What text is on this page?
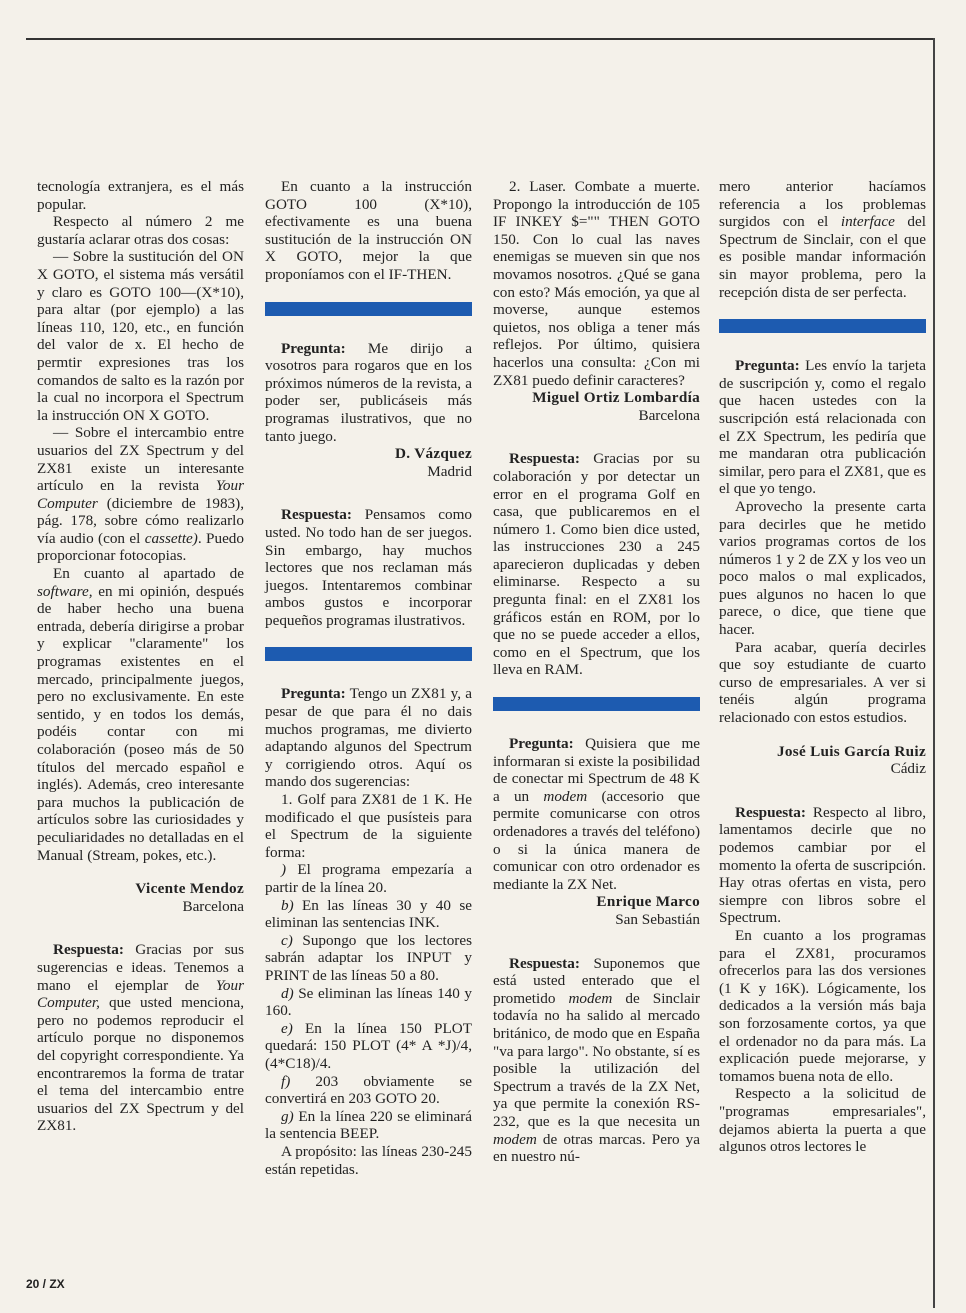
tecnología extranjera, es el más popular.

Respecto al número 2 me gustaría aclarar otras dos cosas:

— Sobre la sustitución del ON X GOTO, el sistema más versátil y claro es GOTO 100—(X*10), para altar (por ejemplo) a las líneas 110, 120, etc., en función del valor de x. El hecho de permtir expresiones tras los comandos de salto es la razón por la cual no incorpora el Spectrum la instrucción ON X GOTO.

— Sobre el intercambio entre usuarios del ZX Spectrum y del ZX81 existe un interesante artículo en la revista Your Computer (diciembre de 1983), pág. 178, sobre cómo realizarlo vía audio (con el cassette). Puedo proporcionar fotocopias.

En cuanto al apartado de software, en mi opinión, después de haber hecho una buena entrada, debería dirigirse a probar y explicar "claramente" los programas existentes en el mercado, principalmente juegos, pero no exclusivamente. En este sentido, y en todos los demás, podéis contar con mi colaboración (poseo más de 50 títulos del mercado español e inglés). Además, creo interesante para muchos la publicación de artículos sobre las curiosidades y peculiaridades no detalladas en el Manual (Stream, pokes, etc.).

Vicente Mendoz

Barcelona

Respuesta: Gracias por sus sugerencias e ideas. Tenemos a mano el ejemplar de Your Computer, que usted menciona, pero no podemos reproducir el artículo porque no disponemos del copyright correspondiente. Ya encontraremos la forma de tratar el tema del intercambio entre usuarios del ZX Spectrum y del ZX81.

En cuanto a la instrucción GOTO 100 (X*10), efectivamente es una buena sustitución de la instrucción ON X GOTO, mejor la que proponíamos con el IF-THEN.

Pregunta: Me dirijo a vosotros para rogaros que en los próximos números de la revista, a poder ser, publicáseis más programas ilustrativos, que no tanto juego.

D. Vázquez

Madrid

Respuesta: Pensamos como usted. No todo han de ser juegos. Sin embargo, hay muchos lectores que nos reclaman más juegos. Intentaremos combinar ambos gustos e incorporar pequeños programas ilustrativos.

Pregunta: Tengo un ZX81 y, a pesar de que para él no dais muchos programas, me divierto adaptando algunos del Spectrum y corrigiendo otros. Aquí os mando dos sugerencias:

1. Golf para ZX81 de 1 K. He modificado el que pusísteis para el Spectrum de la siguiente forma:

) El programa empezaría a partir de la línea 20.

b) En las líneas 30 y 40 se eliminan las sentencias INK.

c) Supongo que los lectores sabrán adaptar los INPUT y PRINT de las líneas 50 a 80.

d) Se eliminan las líneas 140 y 160.

e) En la línea 150 PLOT quedará: 150 PLOT (4* A *J)/4, (4*C18)/4.

f) 203 obviamente se convertirá en 203 GOTO 20.

g) En la línea 220 se eliminará la sentencia BEEP.

A propósito: las líneas 230-245 están repetidas.

2. Laser. Combate a muerte. Propongo la introducción de 105 IF INKEY $="" THEN GOTO 150. Con lo cual las naves enemigas se mueven sin que nos movamos nosotros. ¿Qué se gana con esto? Más emoción, ya que al moverse, aunque estemos quietos, nos obliga a tener más reflejos. Por último, quisiera hacerlos una consulta: ¿Con mi ZX81 puedo definir caracteres?

Miguel Ortiz Lombardía

Barcelona

Respuesta: Gracias por su colaboración y por detectar un error en el programa Golf en casa, que publicaremos en el número 1. Como bien dice usted, las instrucciones 230 a 245 aparecieron duplicadas y deben eliminarse. Respecto a su pregunta final: en el ZX81 los gráficos están en ROM, por lo que no se puede acceder a ellos, como en el Spectrum, que los lleva en RAM.

Pregunta: Quisiera que me informaran si existe la posibilidad de conectar mi Spectrum de 48 K a un modem (accesorio que permite comunicarse con otros ordenadores a través del teléfono) o si la única manera de comunicar con otro ordenador es mediante la ZX Net.

Enrique Marco

San Sebastián

Respuesta: Suponemos que está usted enterado que el prometido modem de Sinclair todavía no ha salido al mercado británico, de modo que en España "va para largo". No obstante, sí es posible la utilización del Spectrum a través de la ZX Net, ya que permite la conexión RS-232, que es la que necesita un modem de otras marcas. Pero ya en nuestro nú-

mero anterior hacíamos referencia a los problemas surgidos con el interface del Spectrum de Sinclair, con el que es posible mandar información sin mayor problema, pero la recepción dista de ser perfecta.

Pregunta: Les envío la tarjeta de suscripción y, como el regalo que hacen ustedes con la suscripción está relacionada con el ZX Spectrum, les pediría que me mandaran otra publicación similar, pero para el ZX81, que es el que yo tengo.

Aprovecho la presente carta para decirles que he metido varios programas cortos de los números 1 y 2 de ZX y los veo un poco malos o mal explicados, pues algunos no hacen lo que parece, o dice, que tiene que hacer.

Para acabar, quería decirles que soy estudiante de cuarto curso de empresariales. A ver si tenéis algún programa relacionado con estos estudios.

José Luis García Ruiz

Cádiz

Respuesta: Respecto al libro, lamentamos decirle que no podemos cambiar por el momento la oferta de suscripción. Hay otras ofertas en vista, pero siempre con libros sobre el Spectrum.

En cuanto a los programas para el ZX81, procuramos ofrecerlos para las dos versiones (1 K y 16K). Lógicamente, los dedicados a la versión más baja son forzosamente cortos, ya que el ordenador no da para más. La explicación puede mejorarse, y tomamos buena nota de ello.

Respecto a la solicitud de "programas empresariales", dejamos abierta la puerta a que algunos otros lectores le

20 / ZX
